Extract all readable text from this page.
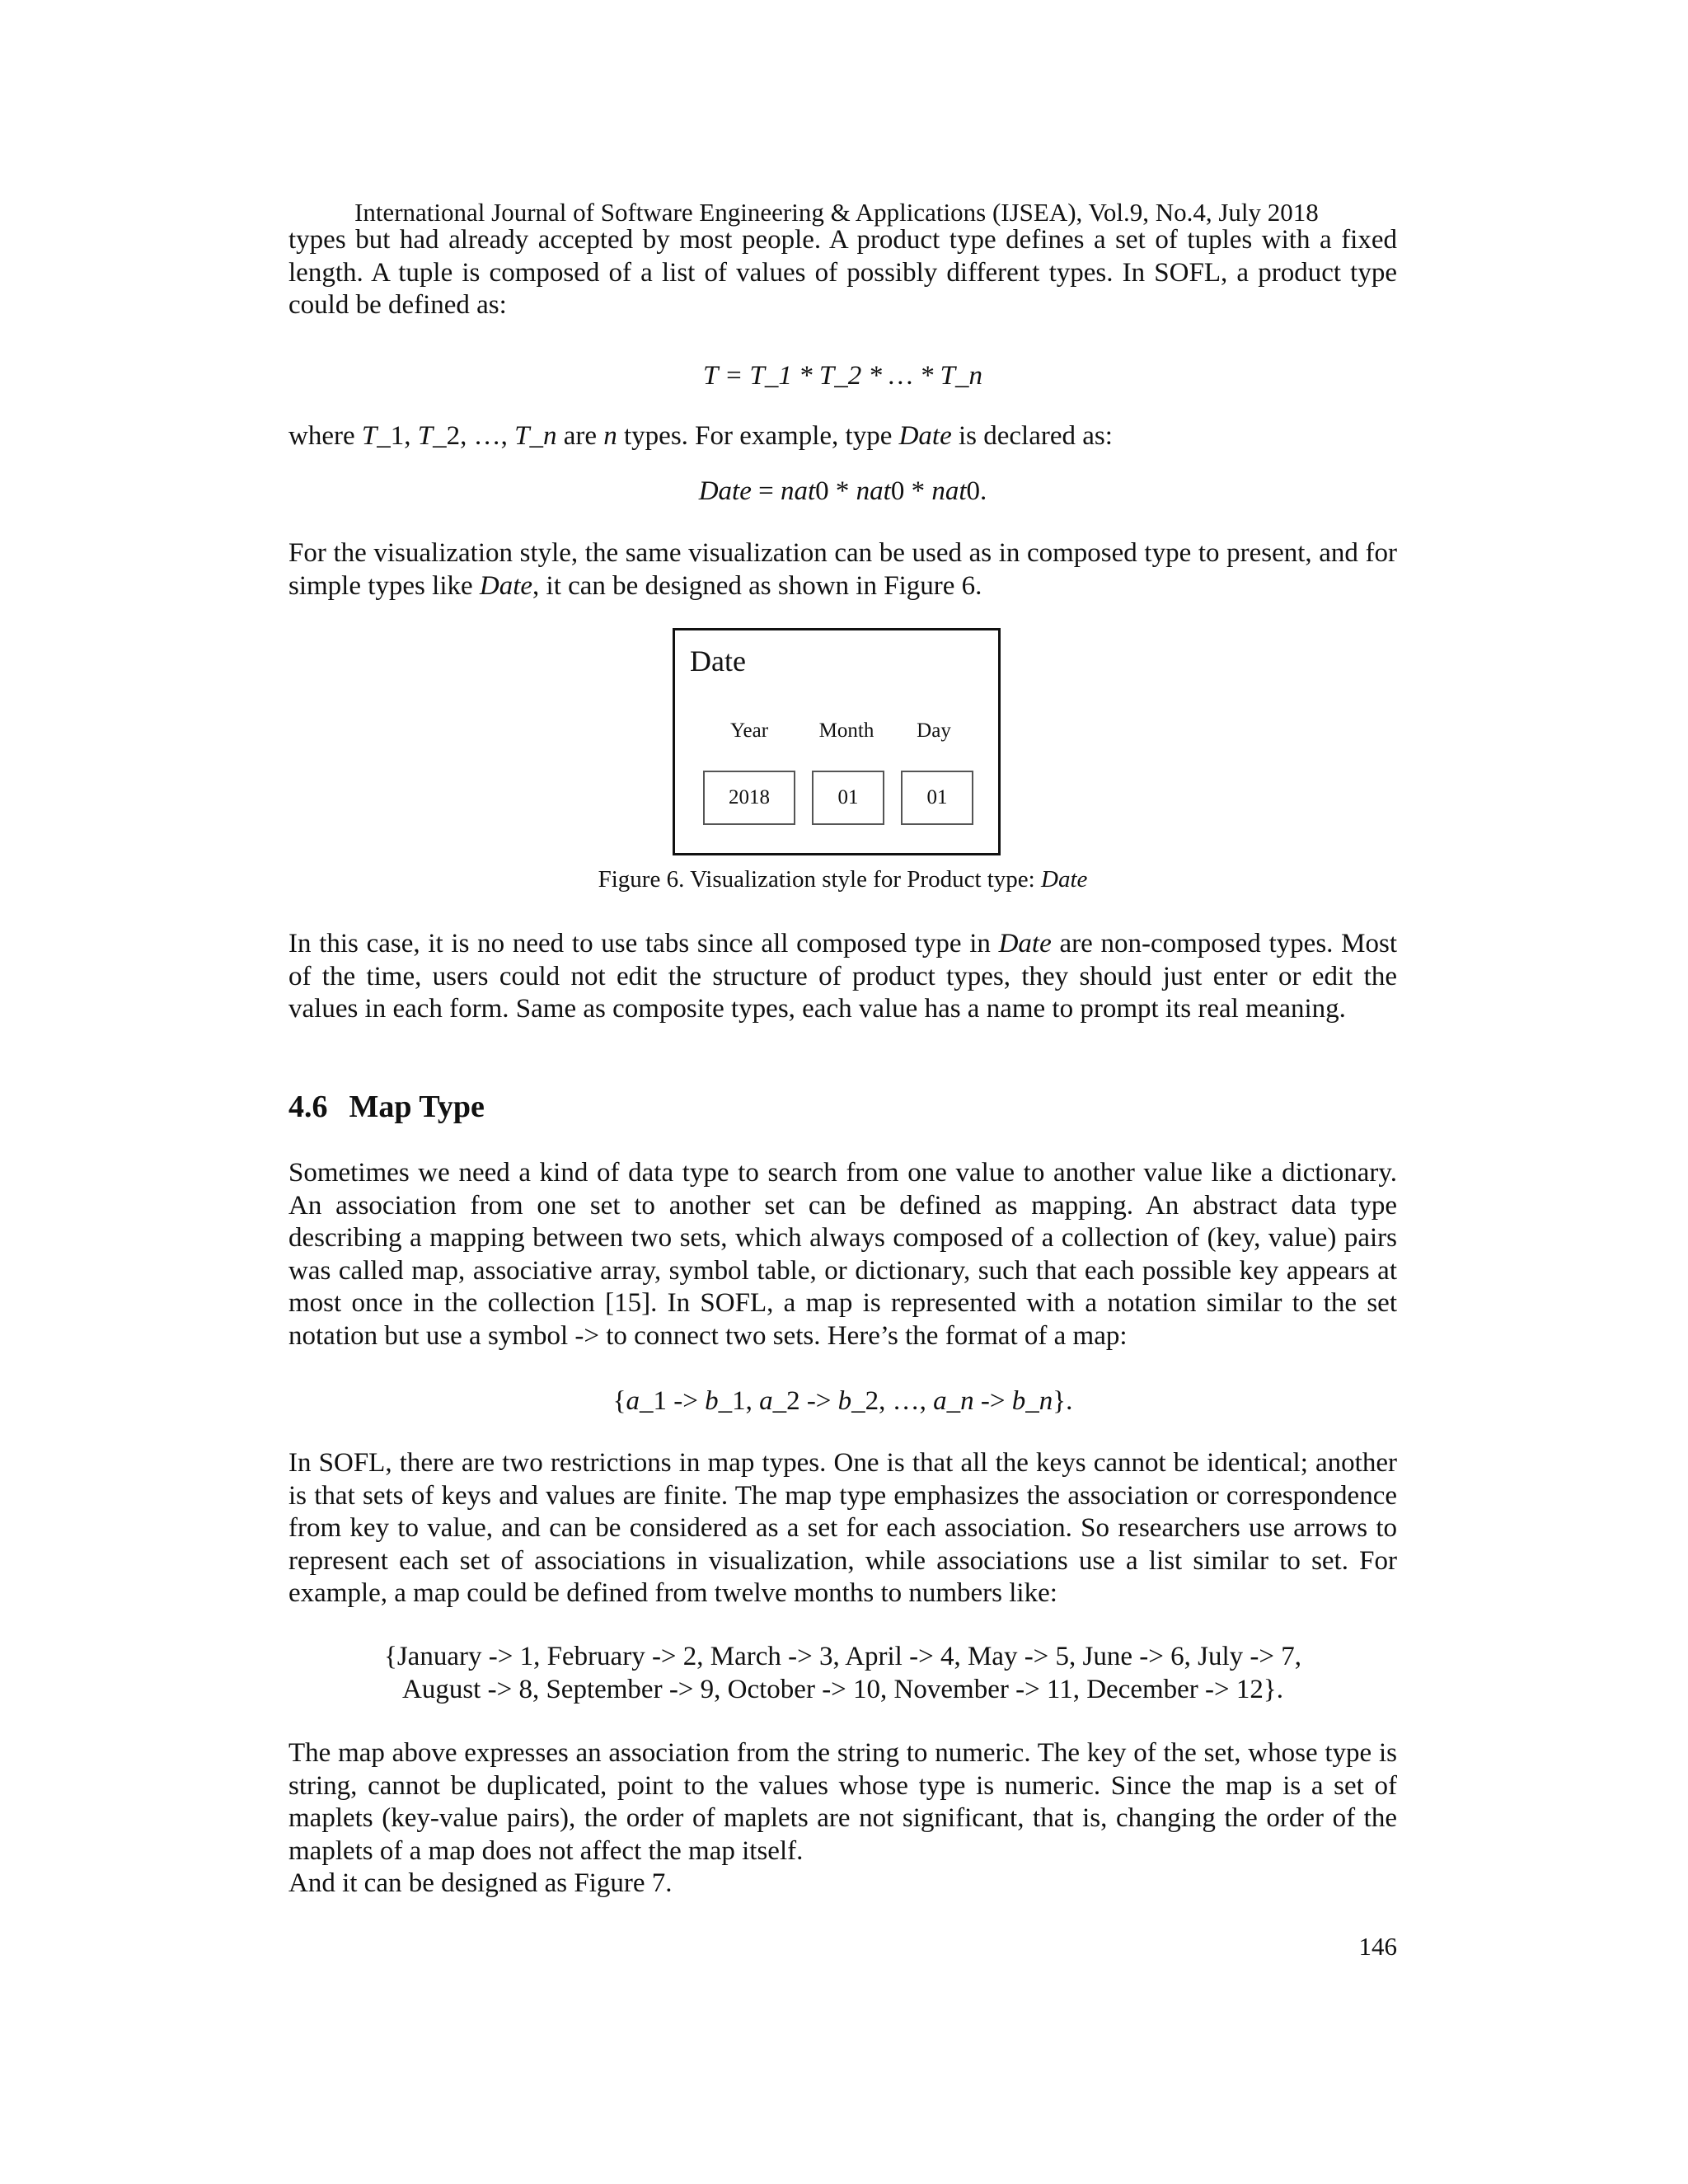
International Journal of Software Engineering & Applications (IJSEA), Vol.9, No.4, July 2018

types but had already accepted by most people. A product type defines a set of tuples with a fixed length. A tuple is composed of a list of values of possibly different types. In SOFL, a product type could be defined as:

T = T_1 * T_2 * … * T_n
where T_1, T_2, …, T_n are n types. For example, type Date is declared as:
Date = nat0 * nat0 * nat0.
For the visualization style, the same visualization can be used as in composed type to present, and for simple types like Date, it can be designed as shown in Figure 6.
Date
Year	Month	Day
2018	01	01
Figure 6. Visualization style for Product type: Date
In this case, it is no need to use tabs since all composed type in Date are non-composed types. Most of the time, users could not edit the structure of product types, they should just enter or edit the values in each form. Same as composite types, each value has a name to prompt its real meaning.
4.6 Map Type

Sometimes we need a kind of data type to search from one value to another value like a dictionary. An association from one set to another set can be defined as mapping. An abstract data type describing a mapping between two sets, which always composed of a collection of (key, value) pairs was called map, associative array, symbol table, or dictionary, such that each possible key appears at most once in the collection [15]. In SOFL, a map is represented with a notation similar to the set notation but use a symbol -> to connect two sets. Here’s the format of a map:

{a_1 -> b_1, a_2 -> b_2, …, a_n -> b_n}.

In SOFL, there are two restrictions in map types. One is that all the keys cannot be identical; another is that sets of keys and values are finite. The map type emphasizes the association or correspondence from key to value, and can be considered as a set for each association. So researchers use arrows to represent each set of associations in visualization, while associations use a list similar to set. For example, a map could be defined from twelve months to numbers like:

{January -> 1, February -> 2, March -> 3, April -> 4, May -> 5, June -> 6, July -> 7,
August -> 8, September -> 9, October -> 10, November -> 11, December -> 12}.

The map above expresses an association from the string to numeric. The key of the set, whose type is string, cannot be duplicated, point to the values whose type is numeric. Since the map is a set of maplets (key-value pairs), the order of maplets are not significant, that is, changing the order of the maplets of a map does not affect the map itself.

And it can be designed as Figure 7.
146
